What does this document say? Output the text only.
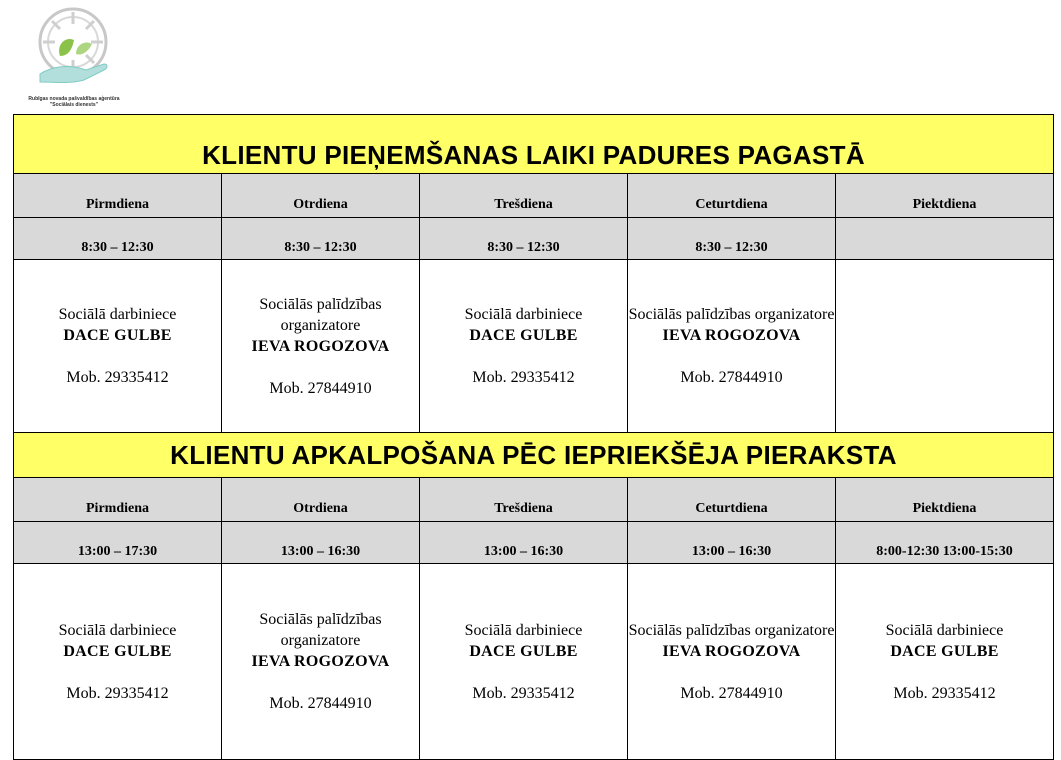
Rubīgas novada pašvaldības aģentūra
"Sociālais dienests"
KLIENTU PIEŅEMŠANAS LAIKI PADURES PAGASTĀ				
Pirmdiena	Otrdiena	Trešdiena	Ceturtdiena	Piektdiena
8:30 – 12:30	8:30 – 12:30	8:30 – 12:30	8:30 – 12:30	

Sociālā darbiniece
DACE GULBE
Mob. 29335412	Sociālās palīdzības organizatore
IEVA ROGOZOVA
Mob. 27844910	Sociālā darbiniece
DACE GULBE
Mob. 29335412	Sociālās palīdzības organizatore
IEVA ROGOZOVA
Mob. 27844910	

KLIENTU APKALPOŠANA PĒC IEPRIEKŠĒJA PIERAKSTA				
Pirmdiena	Otrdiena	Trešdiena	Ceturtdiena	Piektdiena
13:00 – 17:30	13:00 – 16:30	13:00 – 16:30	13:00 – 16:30	8:00-12:30 13:00-15:30

Sociālā darbiniece
DACE GULBE
Mob. 29335412	Sociālās palīdzības organizatore
IEVA ROGOZOVA
Mob. 27844910	Sociālā darbiniece
DACE GULBE
Mob. 29335412	Sociālās palīdzības organizatore
IEVA ROGOZOVA
Mob. 27844910	Sociālā darbiniece
DACE GULBE
Mob. 29335412
